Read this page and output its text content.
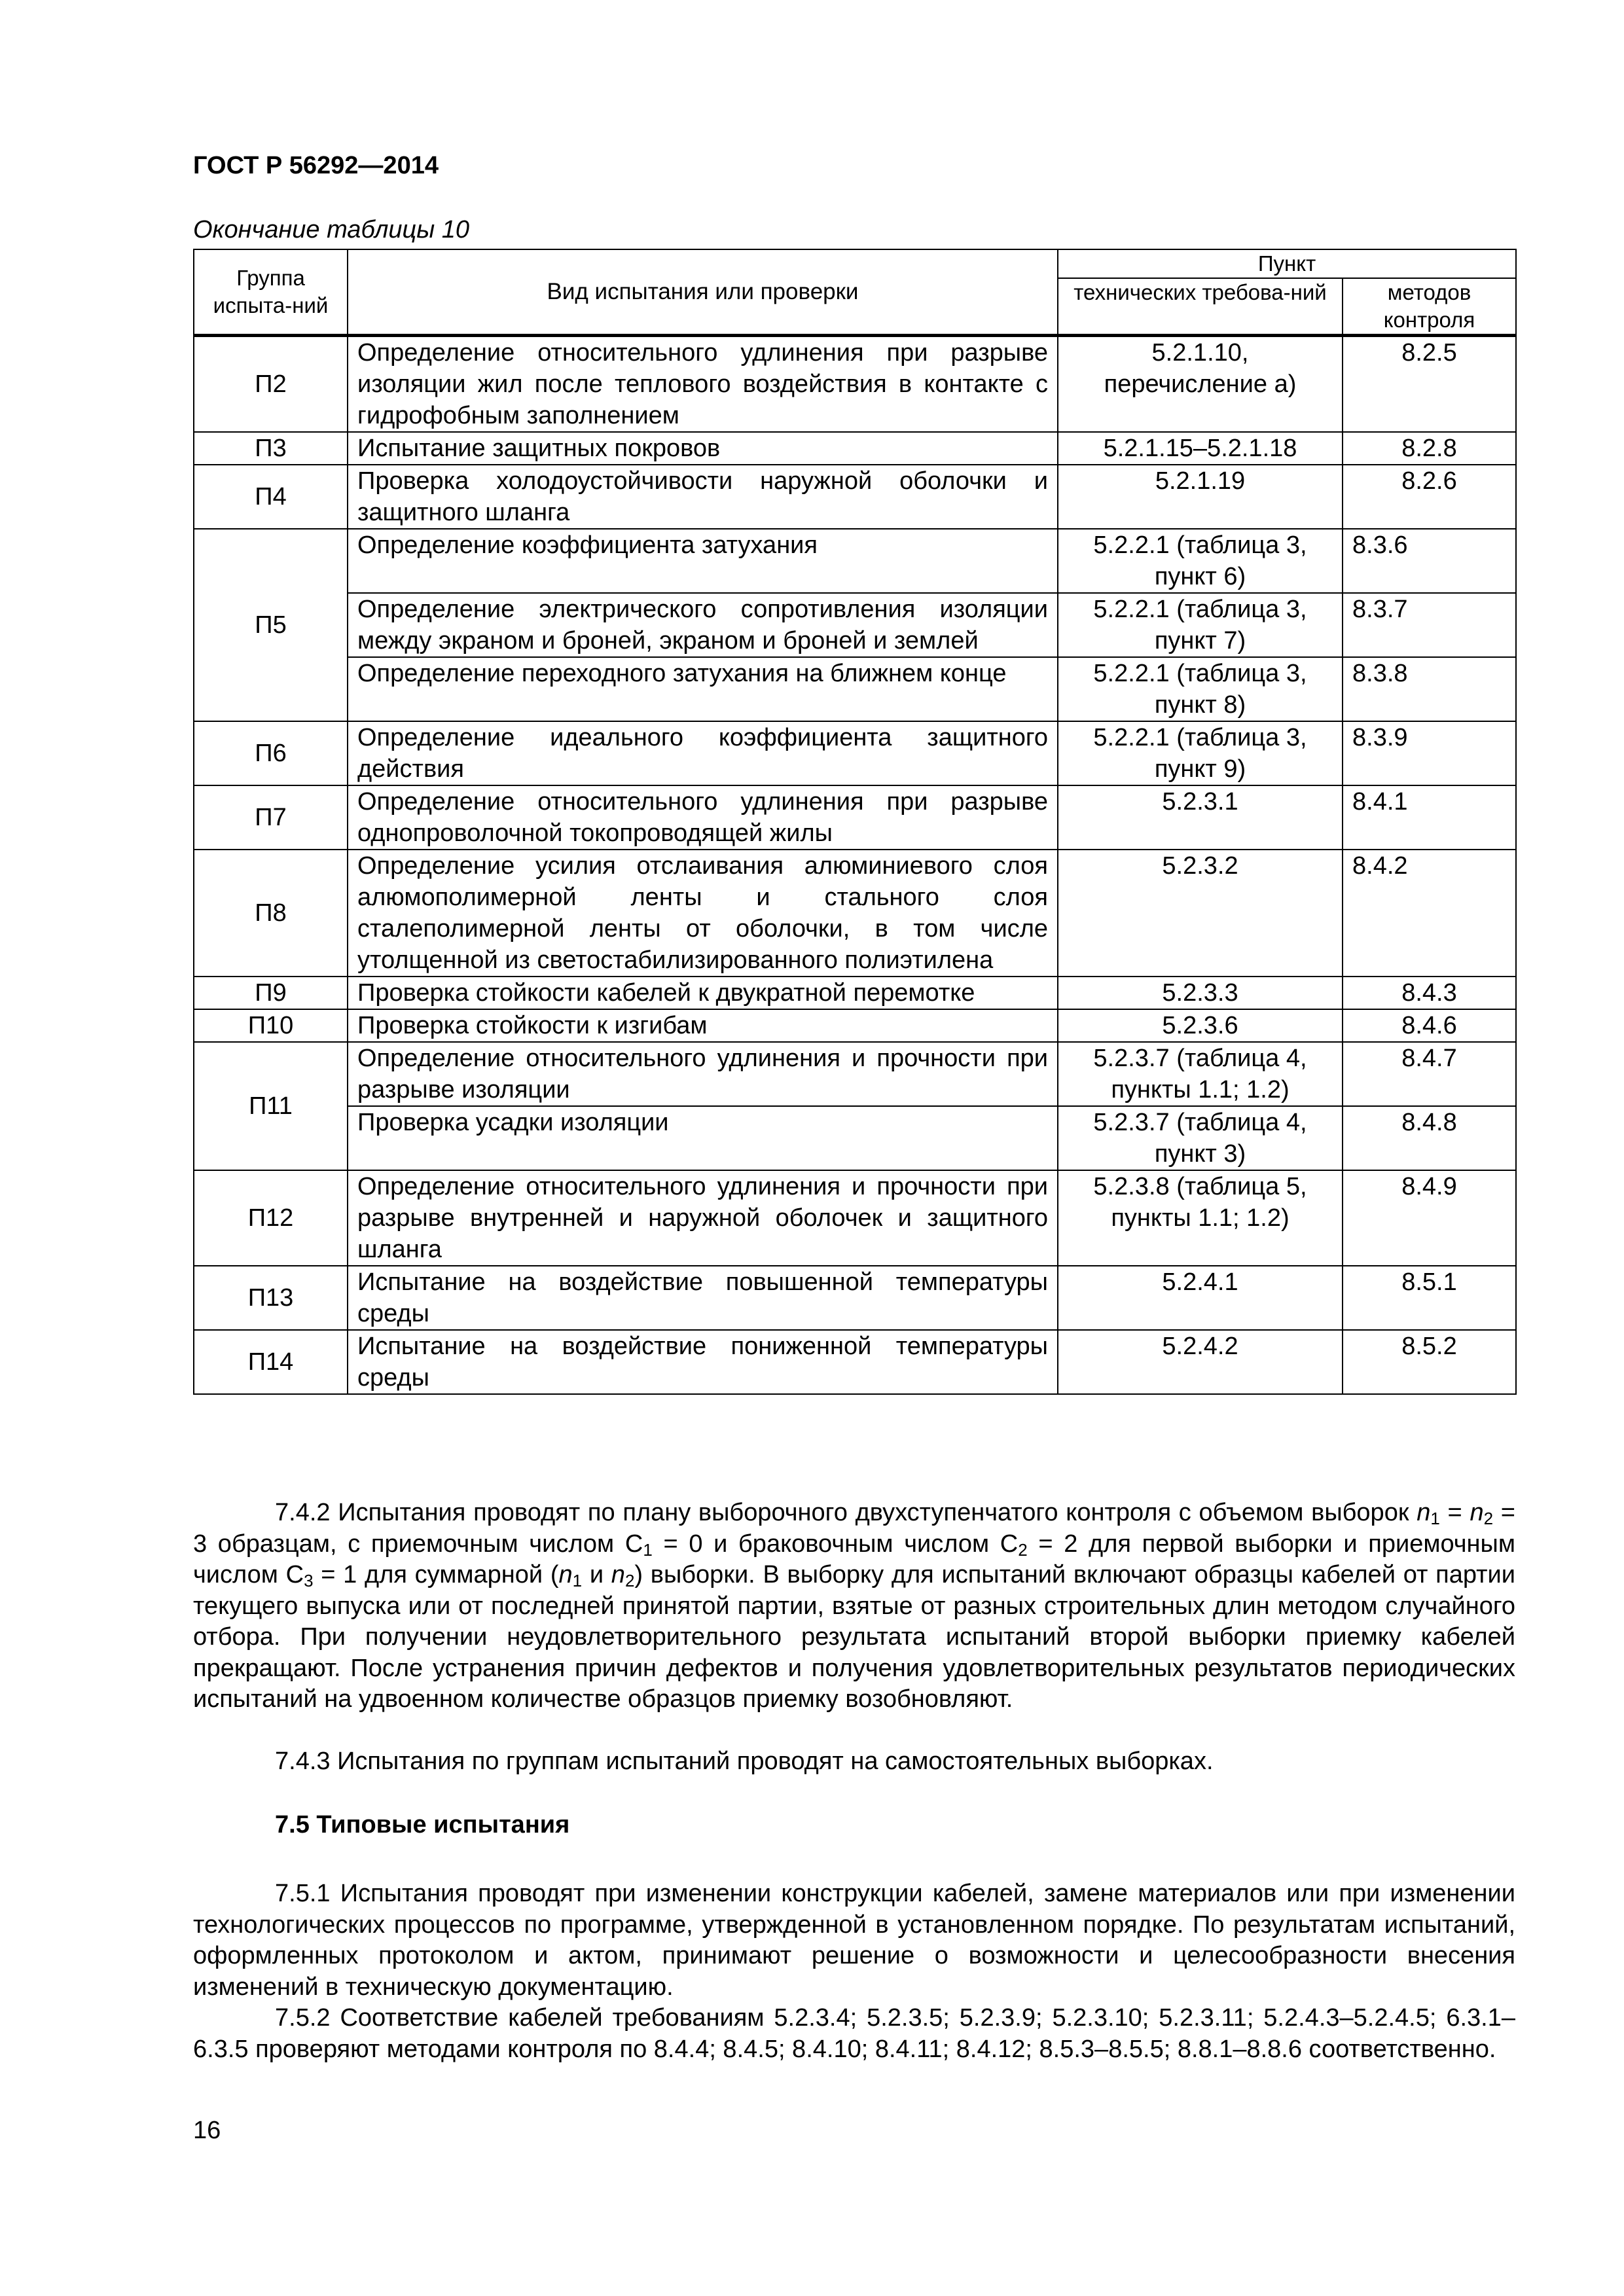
ГОСТ Р 56292—2014
Окончание таблицы 10
Группа испыта-ний	Вид испытания или проверки	Пункт	
		технических требова-ний	методов контроля
П2	Определение относительного удлинения при разрыве изоляции жил после теплового воздействия в контакте с гидрофобным заполнением	5.2.1.10, перечисление а)	8.2.5
П3	Испытание защитных покровов	5.2.1.15–5.2.1.18	8.2.8
П4	Проверка холодоустойчивости наружной оболочки и защитного шланга	5.2.1.19	8.2.6
П5	Определение коэффициента затухания	5.2.2.1 (таблица 3, пункт 6)	8.3.6
	Определение электрического сопротивления изоляции между экраном и броней, экраном и броней и землей	5.2.2.1 (таблица 3, пункт 7)	8.3.7
	Определение переходного затухания на ближнем конце	5.2.2.1 (таблица 3, пункт 8)	8.3.8
П6	Определение идеального коэффициента защитного действия	5.2.2.1 (таблица 3, пункт 9)	8.3.9
П7	Определение относительного удлинения при разрыве однопроволочной токопроводящей жилы	5.2.3.1	8.4.1
П8	Определение усилия отслаивания алюминиевого слоя алюмополимерной ленты и стального слоя сталеполимерной ленты от оболочки, в том числе утолщенной из светостабилизированного полиэтилена	5.2.3.2	8.4.2
П9	Проверка стойкости кабелей к двукратной перемотке	5.2.3.3	8.4.3
П10	Проверка стойкости к изгибам	5.2.3.6	8.4.6
П11	Определение относительного удлинения и прочности при разрыве изоляции	5.2.3.7 (таблица 4, пункты 1.1; 1.2)	8.4.7
	Проверка усадки изоляции	5.2.3.7 (таблица 4, пункт 3)	8.4.8
П12	Определение относительного удлинения и прочности при разрыве внутренней и наружной оболочек и защитного шланга	5.2.3.8 (таблица 5, пункты 1.1; 1.2)	8.4.9
П13	Испытание на воздействие повышенной температуры среды	5.2.4.1	8.5.1
П14	Испытание на воздействие пониженной температуры среды	5.2.4.2	8.5.2
7.4.2 Испытания проводят по плану выборочного двухступенчатого контроля с объемом выборок $n_1 = n_2 = 3$ образцам, с приемочным числом $С_1 = 0$ и браковочным числом $С_2 = 2$ для первой выборки и приемочным числом $С_3 = 1$ для суммарной ($n_1$ и $n_2$) выборки. В выборку для испытаний включают образцы кабелей от партии текущего выпуска или от последней принятой партии, взятые от разных строительных длин методом случайного отбора. При получении неудовлетворительного результата испытаний второй выборки приемку кабелей прекращают. После устранения причин дефектов и получения удовлетворительных результатов периодических испытаний на удвоенном количестве образцов приемку возобновляют.
7.4.3 Испытания по группам испытаний проводят на самостоятельных выборках.
7.5 Типовые испытания
7.5.1 Испытания проводят при изменении конструкции кабелей, замене материалов или при изменении технологических процессов по программе, утвержденной в установленном порядке. По результатам испытаний, оформленных протоколом и актом, принимают решение о возможности и целесообразности внесения изменений в техническую документацию.
7.5.2 Соответствие кабелей требованиям 5.2.3.4; 5.2.3.5; 5.2.3.9; 5.2.3.10; 5.2.3.11; 5.2.4.3–5.2.4.5; 6.3.1–6.3.5 проверяют методами контроля по 8.4.4; 8.4.5; 8.4.10; 8.4.11; 8.4.12; 8.5.3–8.5.5; 8.8.1–8.8.6 соответственно.
16
